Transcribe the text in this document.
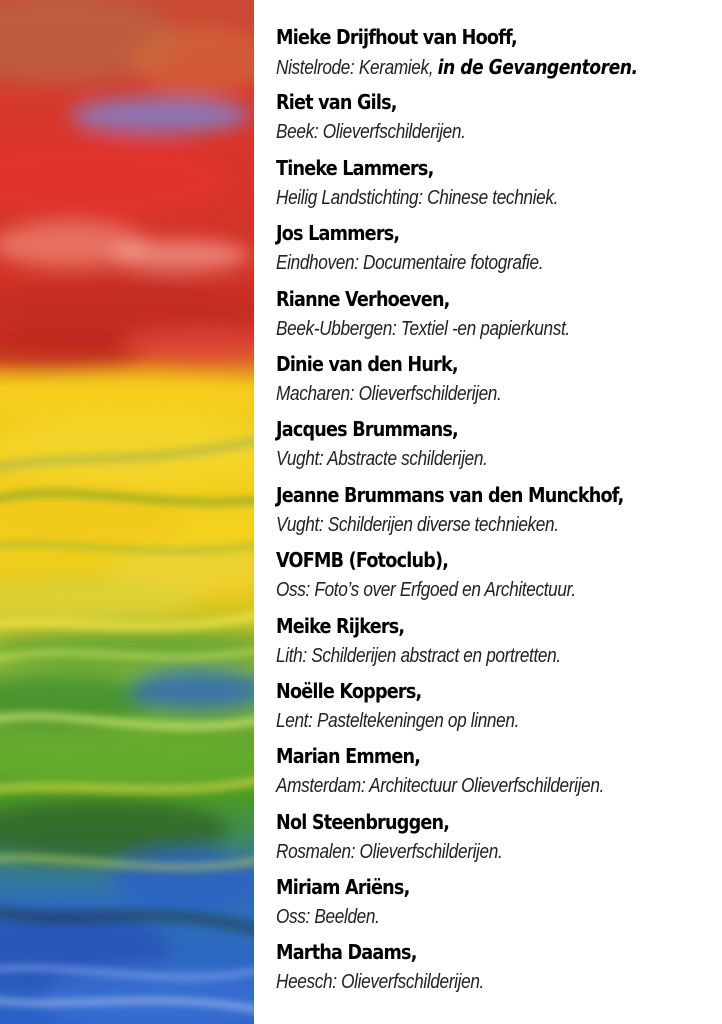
Mieke Drijfhout van Hooff,
Nistelrode: Keramiek, in de Gevangentoren.
Riet van Gils,
Beek: Olieverfschilderijen.
Tineke Lammers,
Heilig Landstichting: Chinese techniek.
Jos Lammers,
Eindhoven: Documentaire fotografie.
Rianne Verhoeven,
Beek-Ubbergen: Textiel -en papierkunst.
Dinie van den Hurk,
Macharen: Olieverfschilderijen.
Jacques Brummans,
Vught: Abstracte schilderijen.
Jeanne Brummans van den Munckhof,
Vught: Schilderijen diverse technieken.
VOFMB (Fotoclub),
Oss: Foto’s over Erfgoed en Architectuur.
Meike Rijkers,
Lith: Schilderijen abstract en portretten.
Noëlle Koppers,
Lent: Pasteltekeningen op linnen.
Marian Emmen,
Amsterdam: Architectuur Olieverfschilderijen.
Nol Steenbruggen,
Rosmalen: Olieverfschilderijen.
Miriam Ariëns,
Oss: Beelden.
Martha Daams,
Heesch: Olieverfschilderijen.
